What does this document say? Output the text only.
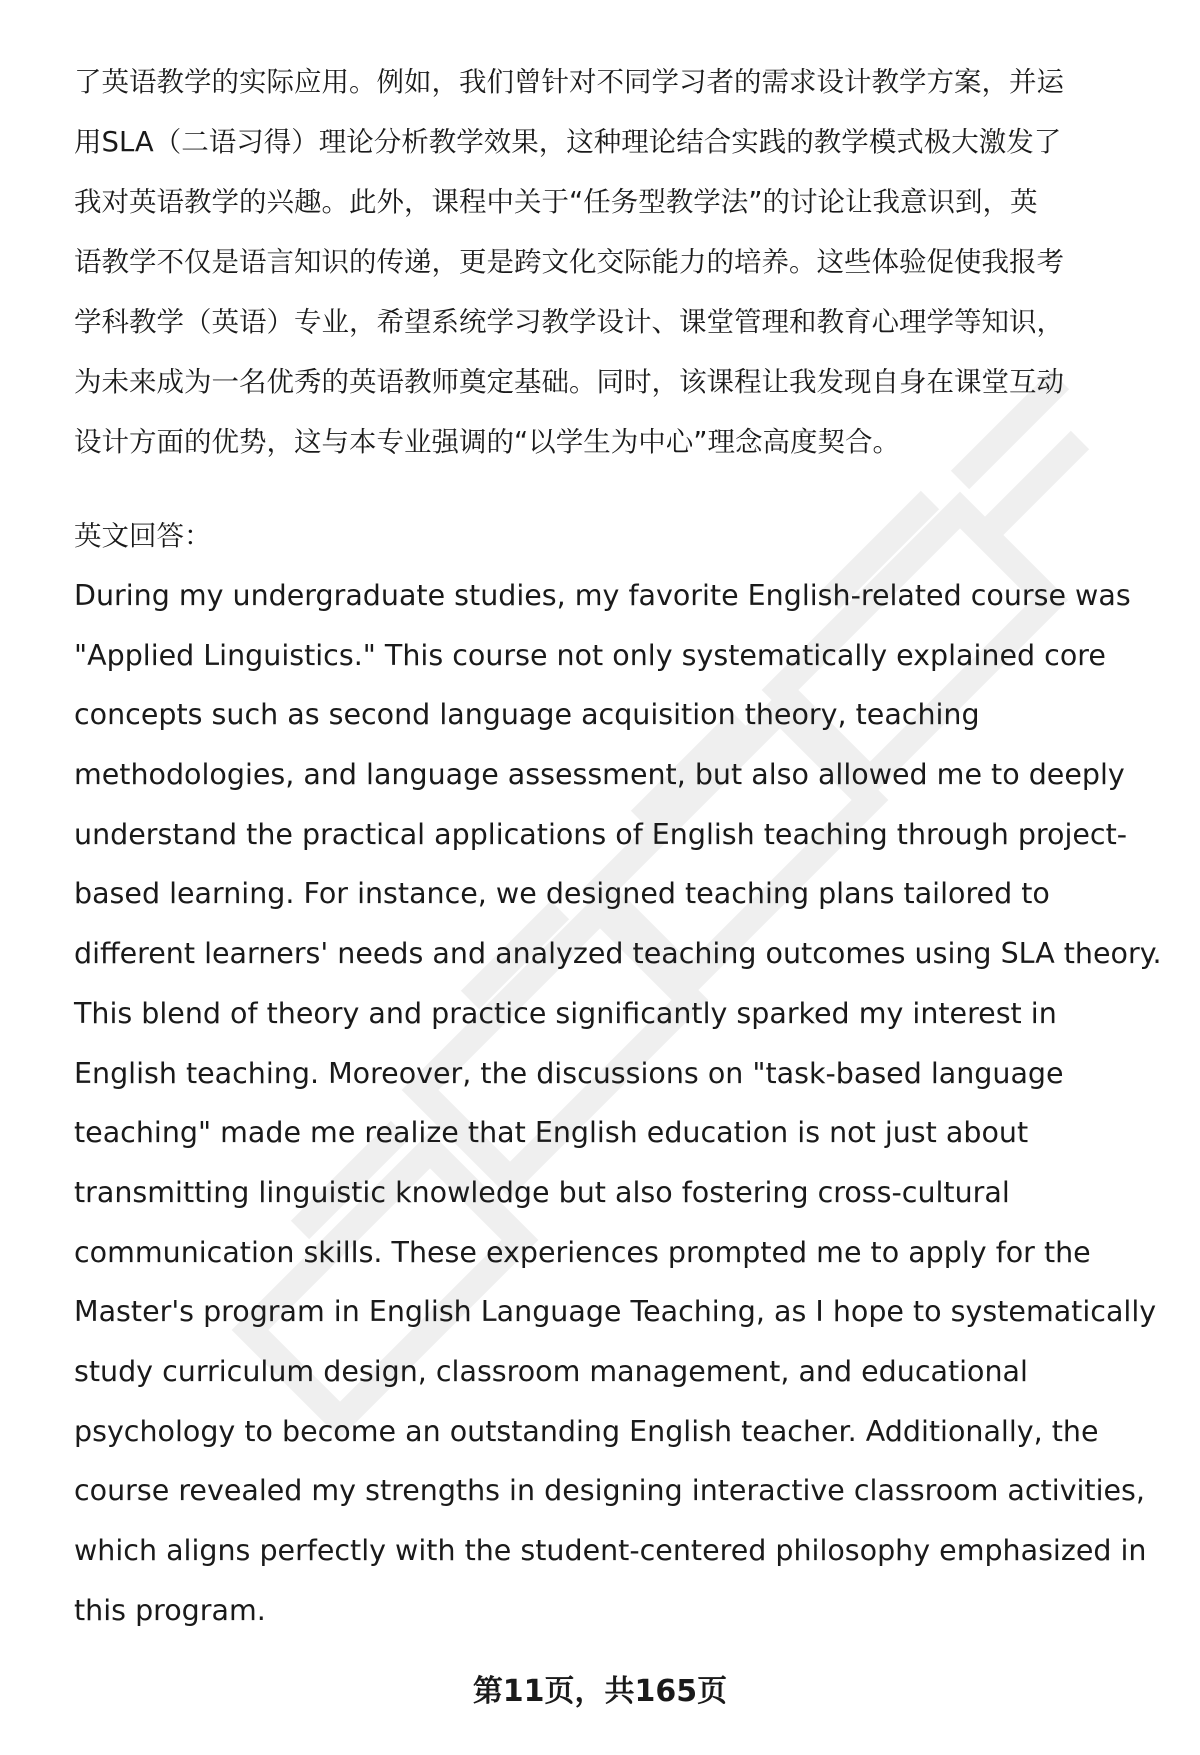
了英语教学的实际应用。例如，我们曾针对不同学习者的需求设计教学方案，并运

用SLA（二语习得）理论分析教学效果，这种理论结合实践的教学模式极大激发了

我对英语教学的兴趣。此外，课程中关于“任务型教学法”的讨论让我意识到，英

语教学不仅是语言知识的传递，更是跨文化交际能力的培养。这些体验促使我报考

学科教学（英语）专业，希望系统学习教学设计、课堂管理和教育心理学等知识，

为未来成为一名优秀的英语教师奠定基础。同时，该课程让我发现自身在课堂互动

设计方面的优势，这与本专业强调的“以学生为中心”理念高度契合。

英文回答：

During my undergraduate studies, my favorite English-related course was

"Applied Linguistics." This course not only systematically explained core

concepts such as second language acquisition theory, teaching

methodologies, and language assessment, but also allowed me to deeply

understand the practical applications of English teaching through project-

based learning. For instance, we designed teaching plans tailored to

different learners' needs and analyzed teaching outcomes using SLA theory.

This blend of theory and practice significantly sparked my interest in

English teaching. Moreover, the discussions on "task-based language

teaching" made me realize that English education is not just about

transmitting linguistic knowledge but also fostering cross-cultural

communication skills. These experiences prompted me to apply for the

Master's program in English Language Teaching, as I hope to systematically

study curriculum design, classroom management, and educational

psychology to become an outstanding English teacher. Additionally, the

course revealed my strengths in designing interactive classroom activities,

which aligns perfectly with the student-centered philosophy emphasized in

this program.

第11页，共165页
